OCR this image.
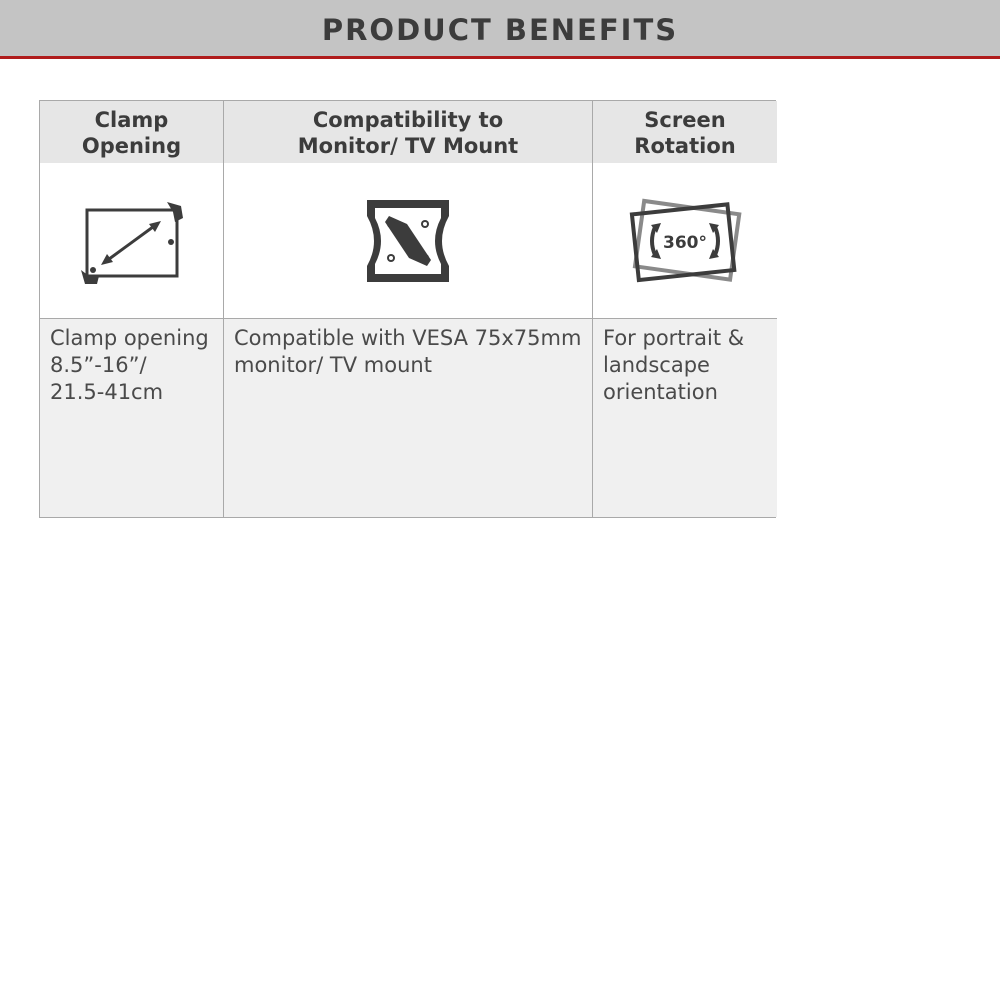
PRODUCT BENEFITS
Clamp
Opening
Compatibility to
Monitor/ TV Mount
Screen
Rotation
360°
Clamp opening
8.5”-16”/
21.5-41cm
Compatible with VESA 75x75mm
monitor/ TV mount
For portrait &
landscape
orientation
